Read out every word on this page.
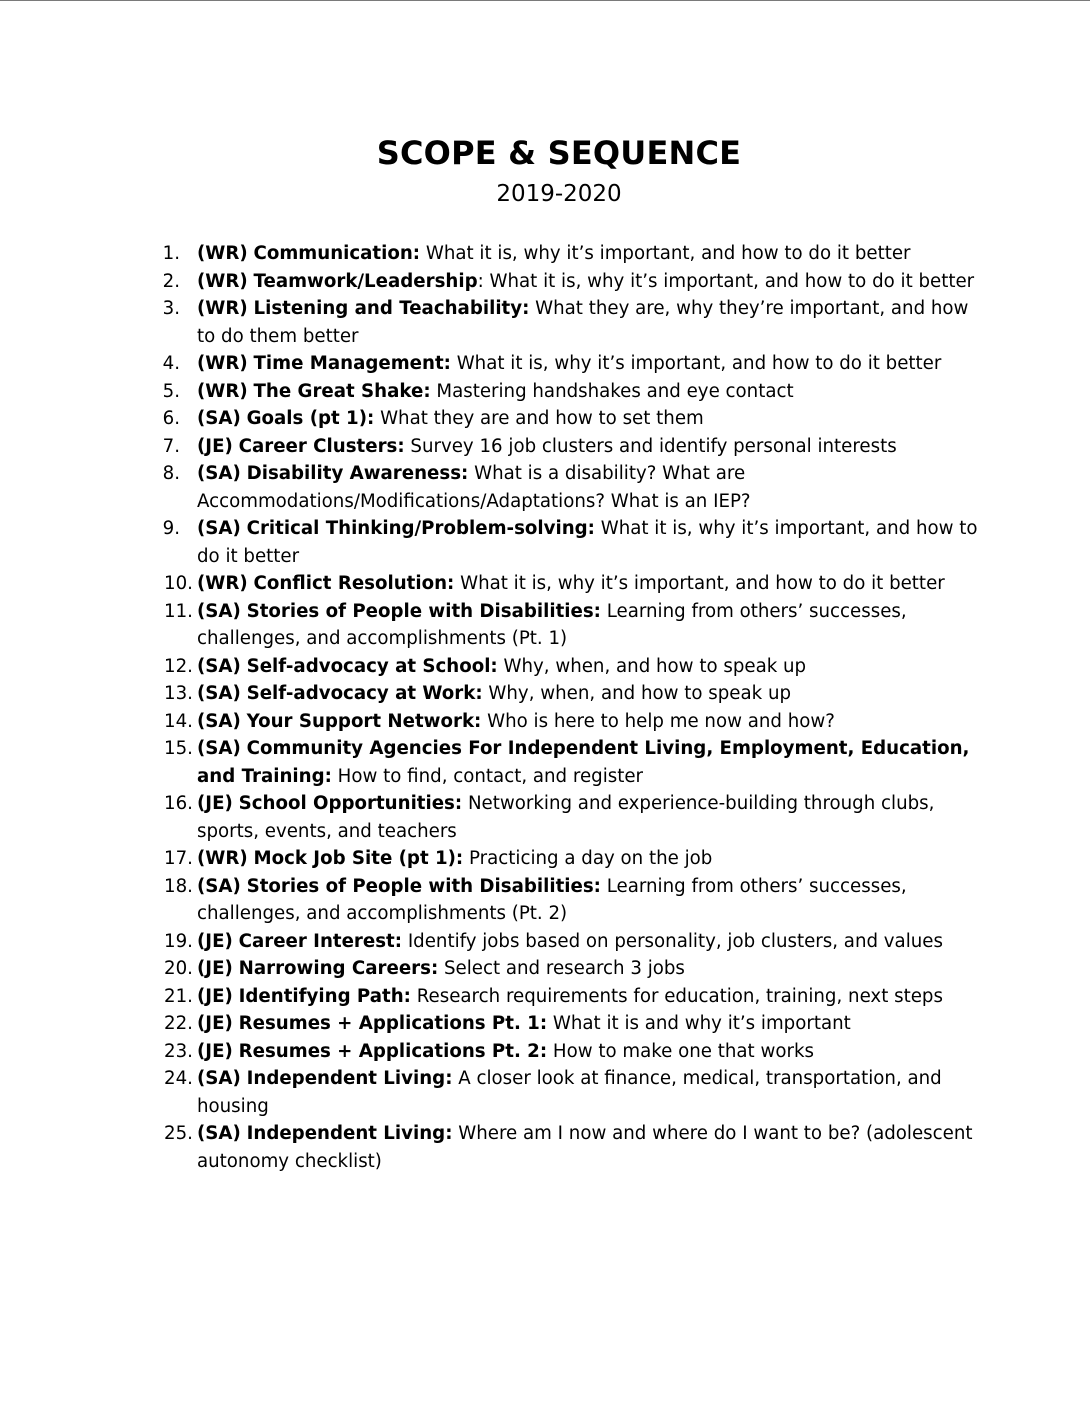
SCOPE & SEQUENCE
2019-2020
1. (WR) Communication: What it is, why it’s important, and how to do it better
2. (WR) Teamwork/Leadership: What it is, why it’s important, and how to do it better
3. (WR) Listening and Teachability: What they are, why they’re important, and how to do them better
4. (WR) Time Management: What it is, why it’s important, and how to do it better
5. (WR) The Great Shake: Mastering handshakes and eye contact
6. (SA) Goals (pt 1): What they are and how to set them
7. (JE) Career Clusters: Survey 16 job clusters and identify personal interests
8. (SA) Disability Awareness: What is a disability? What are Accommodations/Modifications/Adaptations? What is an IEP?
9. (SA) Critical Thinking/Problem-solving: What it is, why it’s important, and how to do it better
10. (WR) Conflict Resolution: What it is, why it’s important, and how to do it better
11. (SA) Stories of People with Disabilities: Learning from others’ successes, challenges, and accomplishments (Pt. 1)
12. (SA) Self-advocacy at School: Why, when, and how to speak up
13. (SA) Self-advocacy at Work: Why, when, and how to speak up
14. (SA) Your Support Network: Who is here to help me now and how?
15. (SA) Community Agencies For Independent Living, Employment, Education, and Training: How to find, contact, and register
16. (JE) School Opportunities: Networking and experience-building through clubs, sports, events, and teachers
17. (WR) Mock Job Site (pt 1): Practicing a day on the job
18. (SA) Stories of People with Disabilities: Learning from others’ successes, challenges, and accomplishments (Pt. 2)
19. (JE) Career Interest: Identify jobs based on personality, job clusters, and values
20. (JE) Narrowing Careers: Select and research 3 jobs
21. (JE) Identifying Path: Research requirements for education, training, next steps
22. (JE) Resumes + Applications Pt. 1: What it is and why it’s important
23. (JE) Resumes + Applications Pt. 2: How to make one that works
24. (SA) Independent Living: A closer look at finance, medical, transportation, and housing
25. (SA) Independent Living: Where am I now and where do I want to be? (adolescent autonomy checklist)
